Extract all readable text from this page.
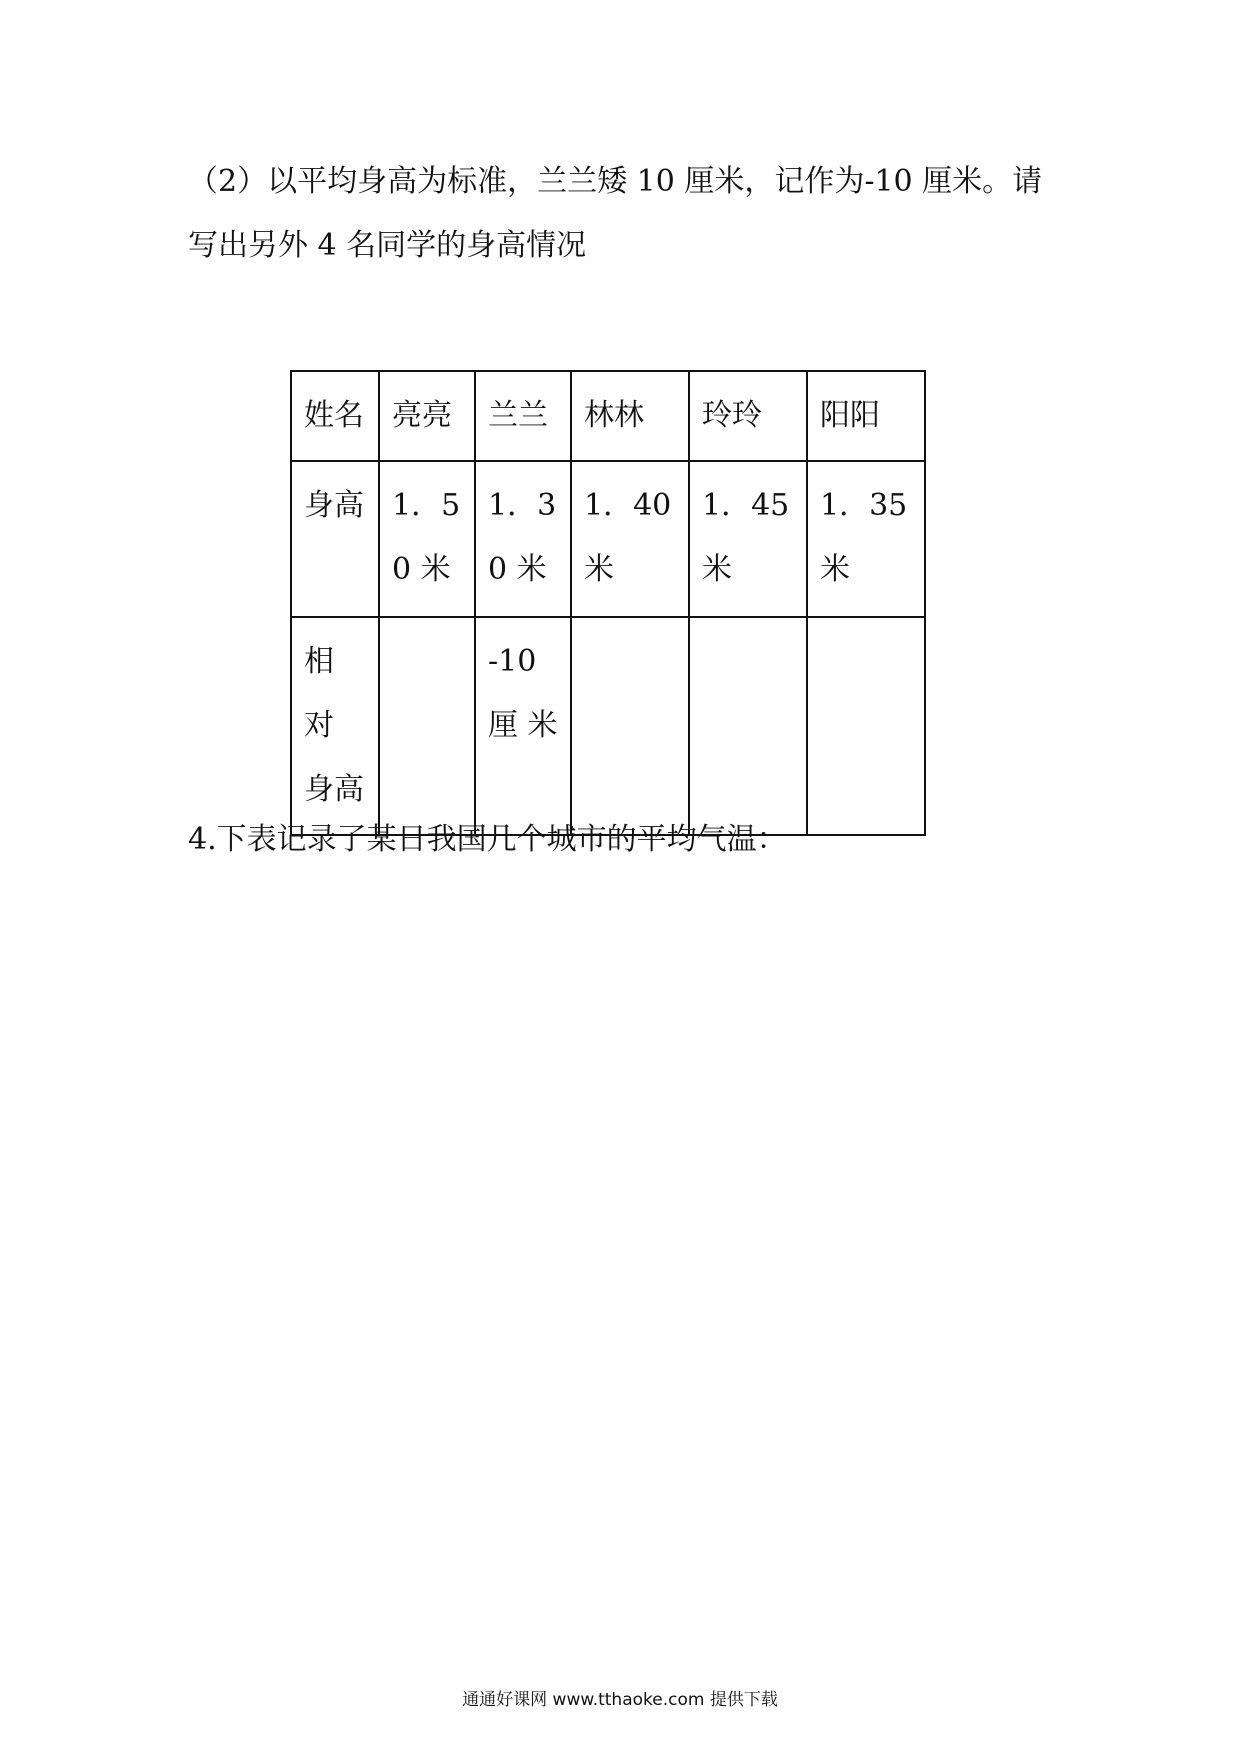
（2）以平均身高为标准，兰兰矮 10 厘米，记作为-10 厘米。请写出另外 4 名同学的身高情况

姓名	亮亮	兰兰	林林	玲玲	阳阳
身高	1．50 米	1．30 米	1．40 米	1．45 米	1．35 米
相 对 身高		-10 厘 米			

4.下表记录了某日我国几个城市的平均气温：

通通好课网 www.tthaoke.com 提供下载
